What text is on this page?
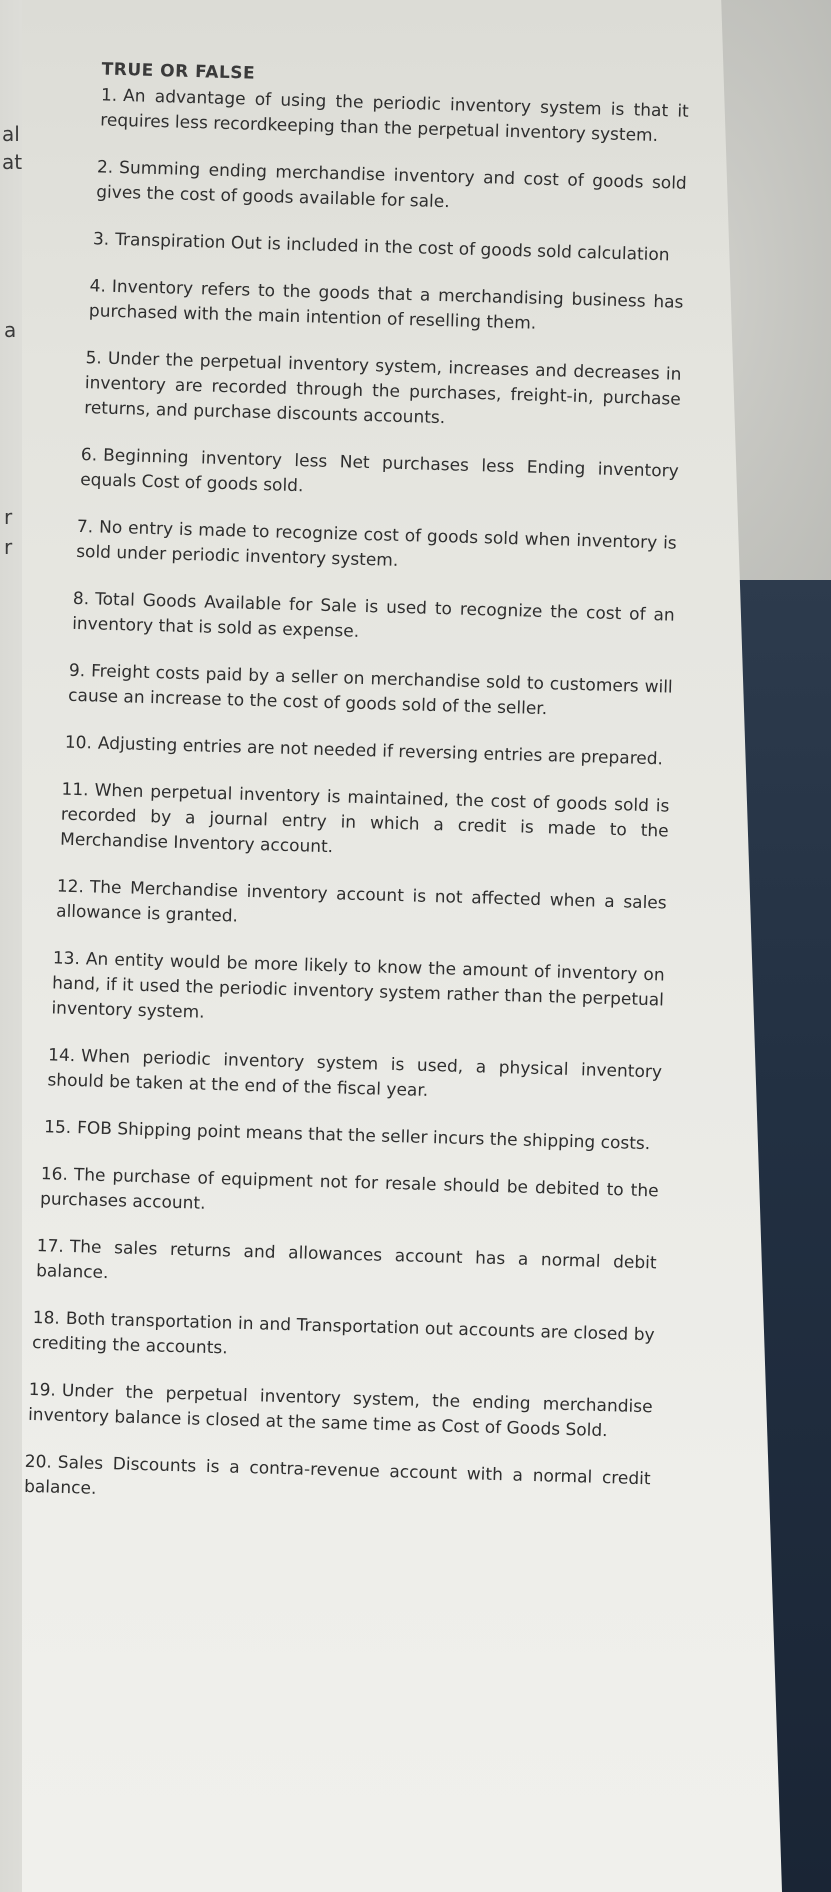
al
at
a
r
r
TRUE OR FALSE
1. An advantage of using the periodic inventory system is that it requires less recordkeeping than the perpetual inventory system.
2. Summing ending merchandise inventory and cost of goods sold gives the cost of goods available for sale.
3. Transpiration Out is included in the cost of goods sold calculation
4. Inventory refers to the goods that a merchandising business has purchased with the main intention of reselling them.
5. Under the perpetual inventory system, increases and decreases in inventory are recorded through the purchases, freight-in, purchase returns, and purchase discounts accounts.
6. Beginning inventory less Net purchases less Ending inventory equals Cost of goods sold.
7. No entry is made to recognize cost of goods sold when inventory is sold under periodic inventory system.
8. Total Goods Available for Sale is used to recognize the cost of an inventory that is sold as expense.
9. Freight costs paid by a seller on merchandise sold to customers will cause an increase to the cost of goods sold of the seller.
10. Adjusting entries are not needed if reversing entries are prepared.
11. When perpetual inventory is maintained, the cost of goods sold is recorded by a journal entry in which a credit is made to the Merchandise Inventory account.
12. The Merchandise inventory account is not affected when a sales allowance is granted.
13. An entity would be more likely to know the amount of inventory on hand, if it used the periodic inventory system rather than the perpetual inventory system.
14. When periodic inventory system is used, a physical inventory should be taken at the end of the fiscal year.
15. FOB Shipping point means that the seller incurs the shipping costs.
16. The purchase of equipment not for resale should be debited to the purchases account.
17. The sales returns and allowances account has a normal debit balance.
18. Both transportation in and Transportation out accounts are closed by crediting the accounts.
19. Under the perpetual inventory system, the ending merchandise inventory balance is closed at the same time as Cost of Goods Sold.
20. Sales Discounts is a contra-revenue account with a normal credit balance.
